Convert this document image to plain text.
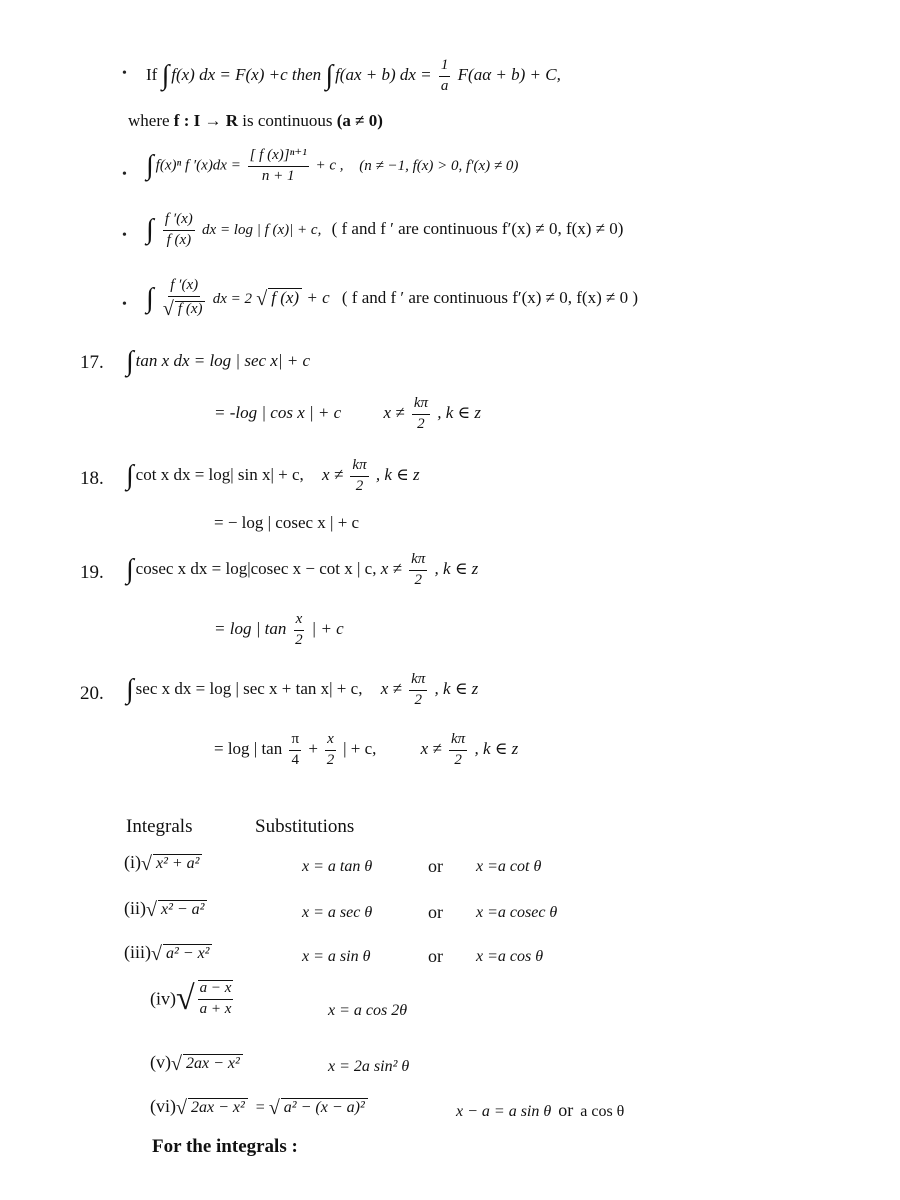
• If ∫ f(x) dx = F(x) +c then ∫ f(ax + b) dx = $\frac{1}{a} F(a\alpha + b) + C$,
where f : I → R is continuous (a ≠ 0)
• ∫ f(x)ⁿ f $'(x)dx = \frac{\text{[ f (x)]ⁿ⁺¹}}{n + 1} + c$ , (n ≠ −1, f(x) > 0, f′(x) ≠ 0)
• ∫ $\frac{f '(x)}{f (x)}$ dx = log | f (x)| + c, ( f and f ′ are continuous f′(x) ≠ 0, f(x) ≠ 0)
• ∫ $\frac{f '(x)}{√ f (x)}$ dx = 2 √ f (x) + c ( f and f ′ are continuous f′(x) ≠ 0, f(x) ≠ 0 )
17. ∫ tan x dx = log | sec x| + c
= -log | cos x | + c $x \ne \frac{k\pi}{2}$ , k ∈ z
18. ∫ cot x dx = log| sin x| + c, $x \ne \frac{k\pi}{2}$ , k ∈ z
= − log | cosec x | + c
19. ∫ cosec x dx = log|cosec x − cot x | c, $x \ne \frac{k\pi}{2}$ , k ∈ z
= log | $\tan \frac{x}{2}$ | + c
20. ∫ sec x dx = log | sec x + tan x| + c, $x \ne \frac{k\pi}{2}$ , k ∈ z
= log | $\tan \frac{\pi}{4} + \frac{x}{2}$ | + c,	$x \ne \frac{k\pi}{2}$ , k ∈ z
Integrals	Substitutions
(i)√ x² + a²	x = a tan θ	or x =a cot θ
(ii)√ x² − a²	x = a sec θ	or x =a cosec θ
(iii)√ a² − x²	x = a sin θ	or x =a cos θ
$(iv)√ \frac{a - x}{a + x}$	x = a cos 2θ
(v)√ 2ax − x²	x = 2a sin² θ
(vi)√ 2ax − x² = √ a² − (x − a)²	x − a = a sin θ or a cos θ
For the integrals :
